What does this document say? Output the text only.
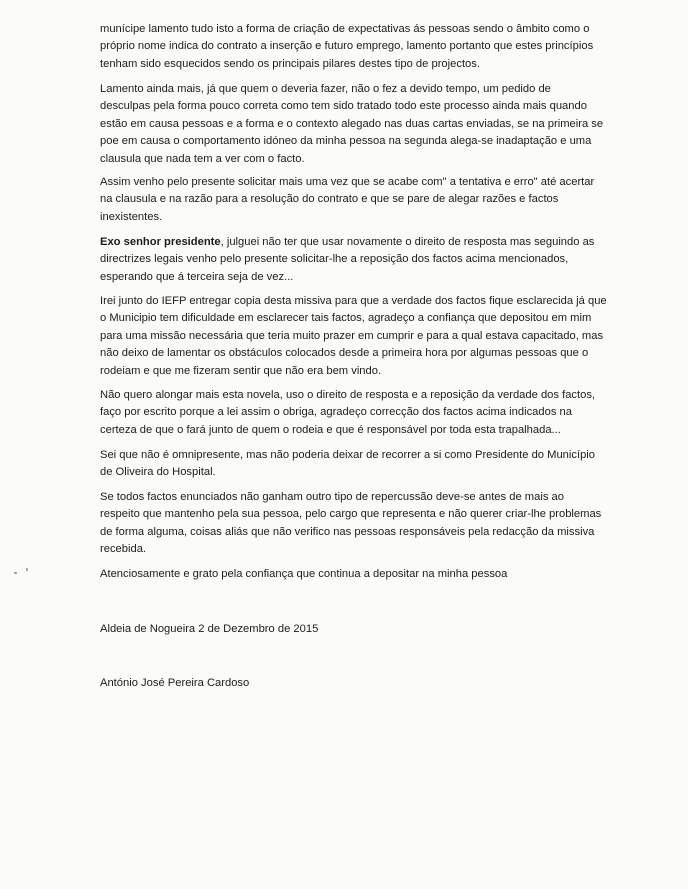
munícipe lamento tudo isto a forma de criação de expectativas ás pessoas sendo o âmbito como o
próprio nome indica do contrato a inserção e futuro emprego, lamento portanto que estes princípios
tenham sido esquecidos sendo os principais pilares destes tipo de projectos.
Lamento ainda mais, já que quem o deveria fazer, não o fez a devido tempo, um pedido de
desculpas pela forma pouco correta como tem sido tratado todo este processo ainda mais quando
estão em causa pessoas e a forma e o contexto alegado nas duas cartas enviadas, se na primeira se
poe em causa o comportamento idóneo da minha pessoa na segunda alega-se inadaptação e uma
clausula que nada tem a ver com o facto.
Assim venho pelo presente solicitar mais uma vez que se acabe com" a tentativa e erro" até acertar
na clausula e na razão para a resolução do contrato e que se pare de alegar razões e factos
inexistentes.
Exo senhor presidente, julguei não ter que usar novamente o direito de resposta mas seguindo as
directrizes legais venho pelo presente solicitar-lhe a reposição dos factos acima mencionados,
esperando que á terceira seja de vez...
Irei junto do IEFP entregar copia desta missiva para que a verdade dos factos fique esclarecida já que
o Municipio tem dificuldade em esclarecer tais factos, agradeço a confiança que depositou em mim
para uma missão necessária que teria muito prazer em cumprir e para a qual estava capacitado, mas
não deixo de lamentar os obstáculos colocados desde a primeira hora por algumas pessoas que o
rodeiam e que me fizeram sentir que não era bem vindo.
Não quero alongar mais esta novela, uso o direito de resposta e a reposição da verdade dos factos,
faço por escrito porque a lei assim o obriga, agradeço correcção dos factos acima indicados na
certeza de que o fará junto de quem o rodeia e que é responsável por toda esta trapalhada...
Sei que não é omnipresente, mas não poderia deixar de recorrer a si como Presidente do Município
de Oliveira do Hospital.
Se todos factos enunciados não ganham outro tipo de repercussão deve-se antes de mais ao
respeito que mantenho pela sua pessoa, pelo cargo que representa e não querer criar-lhe problemas
de forma alguma, coisas aliás que não verifico nas pessoas responsáveis pela redacção da missiva
recebida.
Atenciosamente e grato pela confiança que continua a depositar na minha pessoa
Aldeia de Nogueira 2 de Dezembro de 2015
António José Pereira Cardoso
